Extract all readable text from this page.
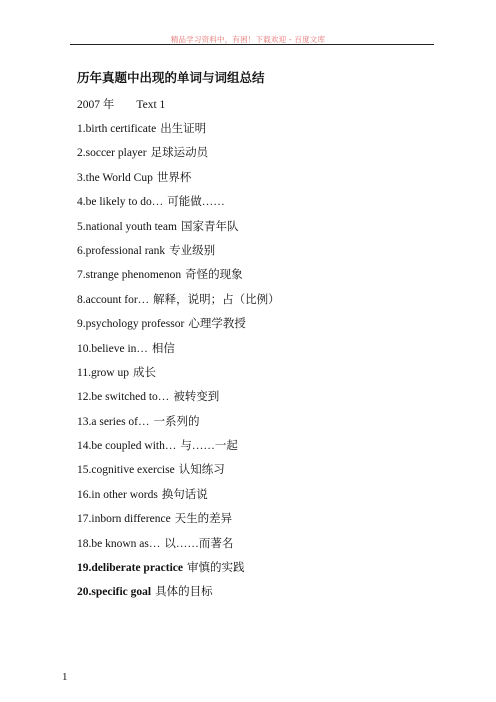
精品学习资料中，有困！下载欢迎 - 百度文库
历年真题中出现的单词与词组总结
2007 年 Text 1
1.birth certificate 出生证明
2.soccer player 足球运动员
3.the World Cup 世界杯
4.be likely to do… 可能做……
5.national youth team 国家青年队
6.professional rank 专业级别
7.strange phenomenon 奇怪的现象
8.account for… 解释，说明；占（比例）
9.psychology professor 心理学教授
10.believe in… 相信
11.grow up 成长
12.be switched to… 被转变到
13.a series of… 一系列的
14.be coupled with… 与……一起
15.cognitive exercise 认知练习
16.in other words 换句话说
17.inborn difference 天生的差异
18.be known as… 以……而著名
19.deliberate practice 审慎的实践
20.specific goal 具体的目标
1
